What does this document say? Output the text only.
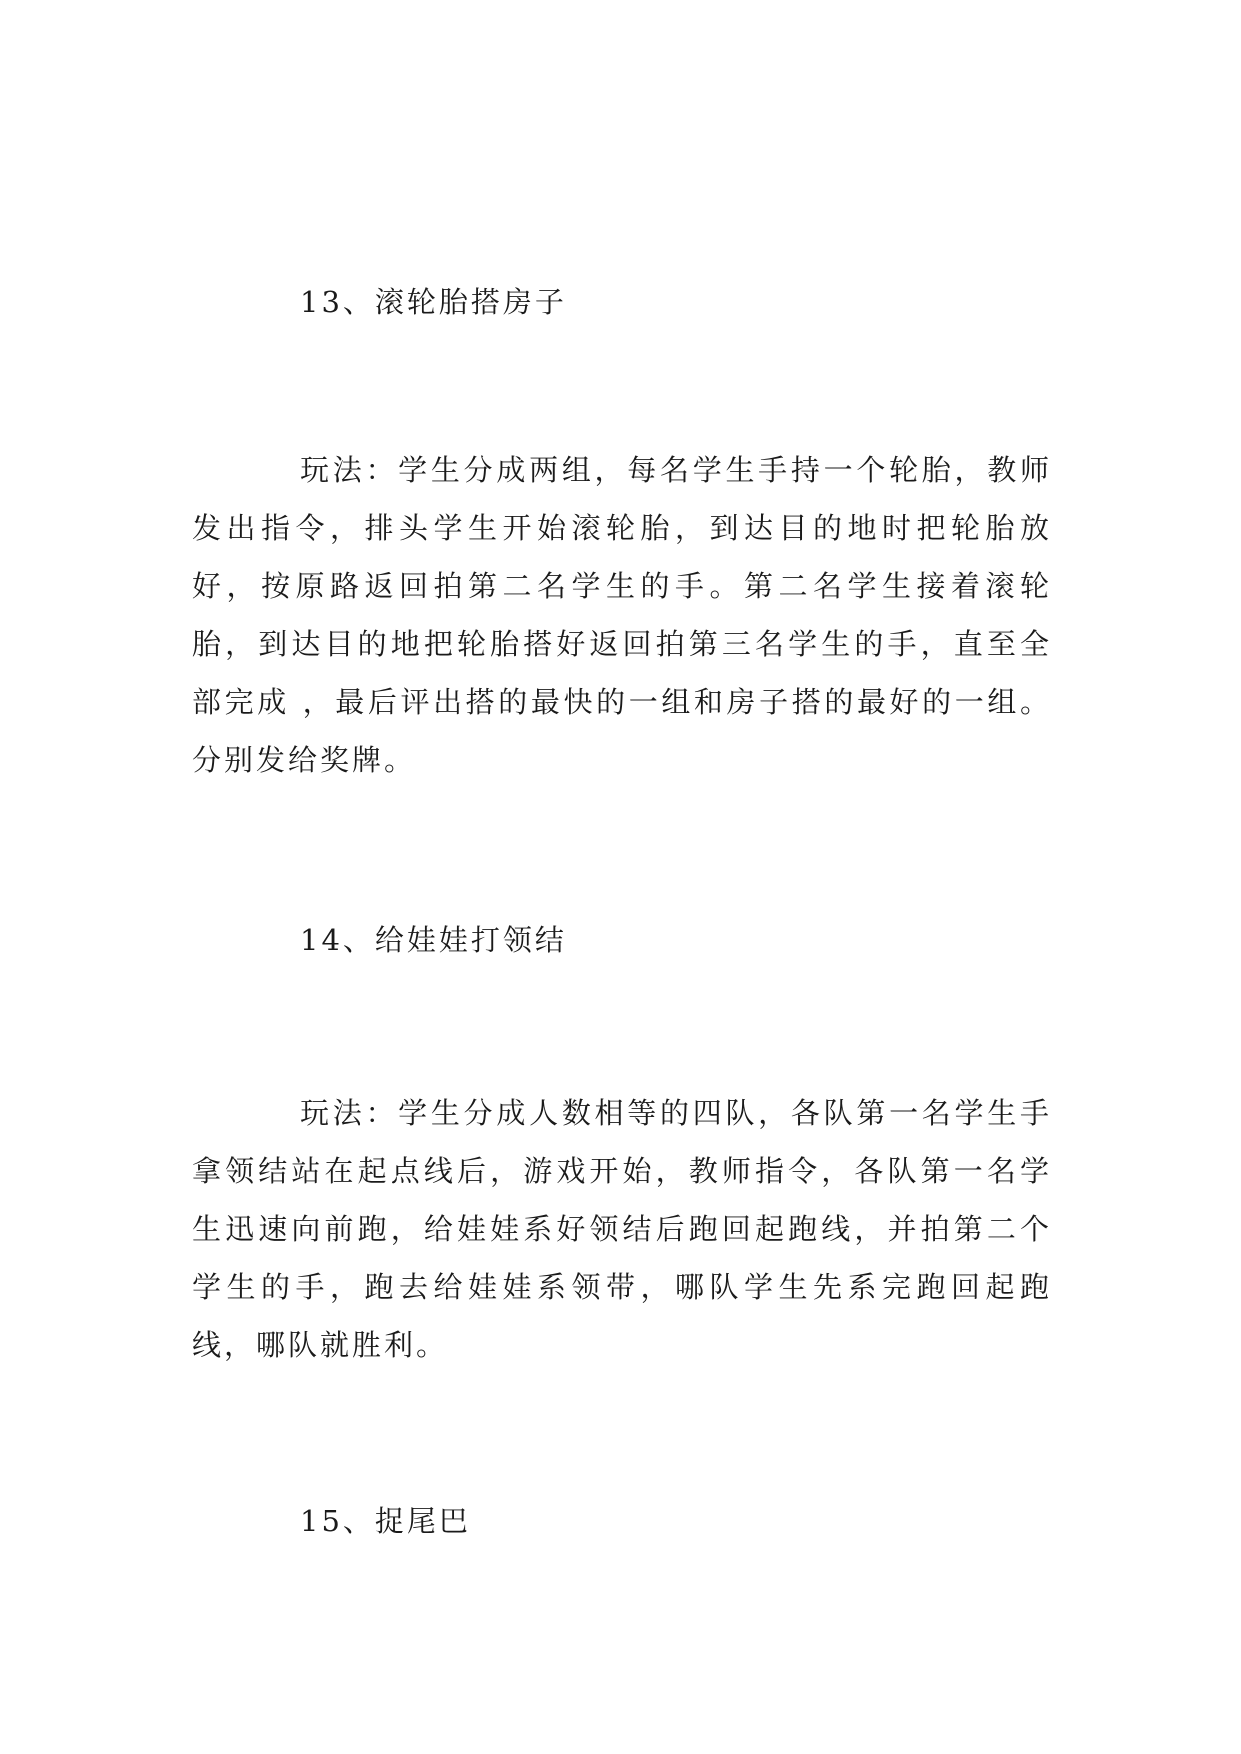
13、滚轮胎搭房子

玩法：学生分成两组，每名学生手持一个轮胎，教师发出指令，排头学生开始滚轮胎，到达目的地时把轮胎放好，按原路返回拍第二名学生的手。第二名学生接着滚轮胎，到达目的地把轮胎搭好返回拍第三名学生的手，直至全部完成 ，最后评出搭的最快的一组和房子搭的最好的一组。分别发给奖牌。

14、给娃娃打领结

玩法：学生分成人数相等的四队，各队第一名学生手拿领结站在起点线后，游戏开始，教师指令，各队第一名学生迅速向前跑，给娃娃系好领结后跑回起跑线，并拍第二个学生的手，跑去给娃娃系领带，哪队学生先系完跑回起跑线，哪队就胜利。

15、捉尾巴
